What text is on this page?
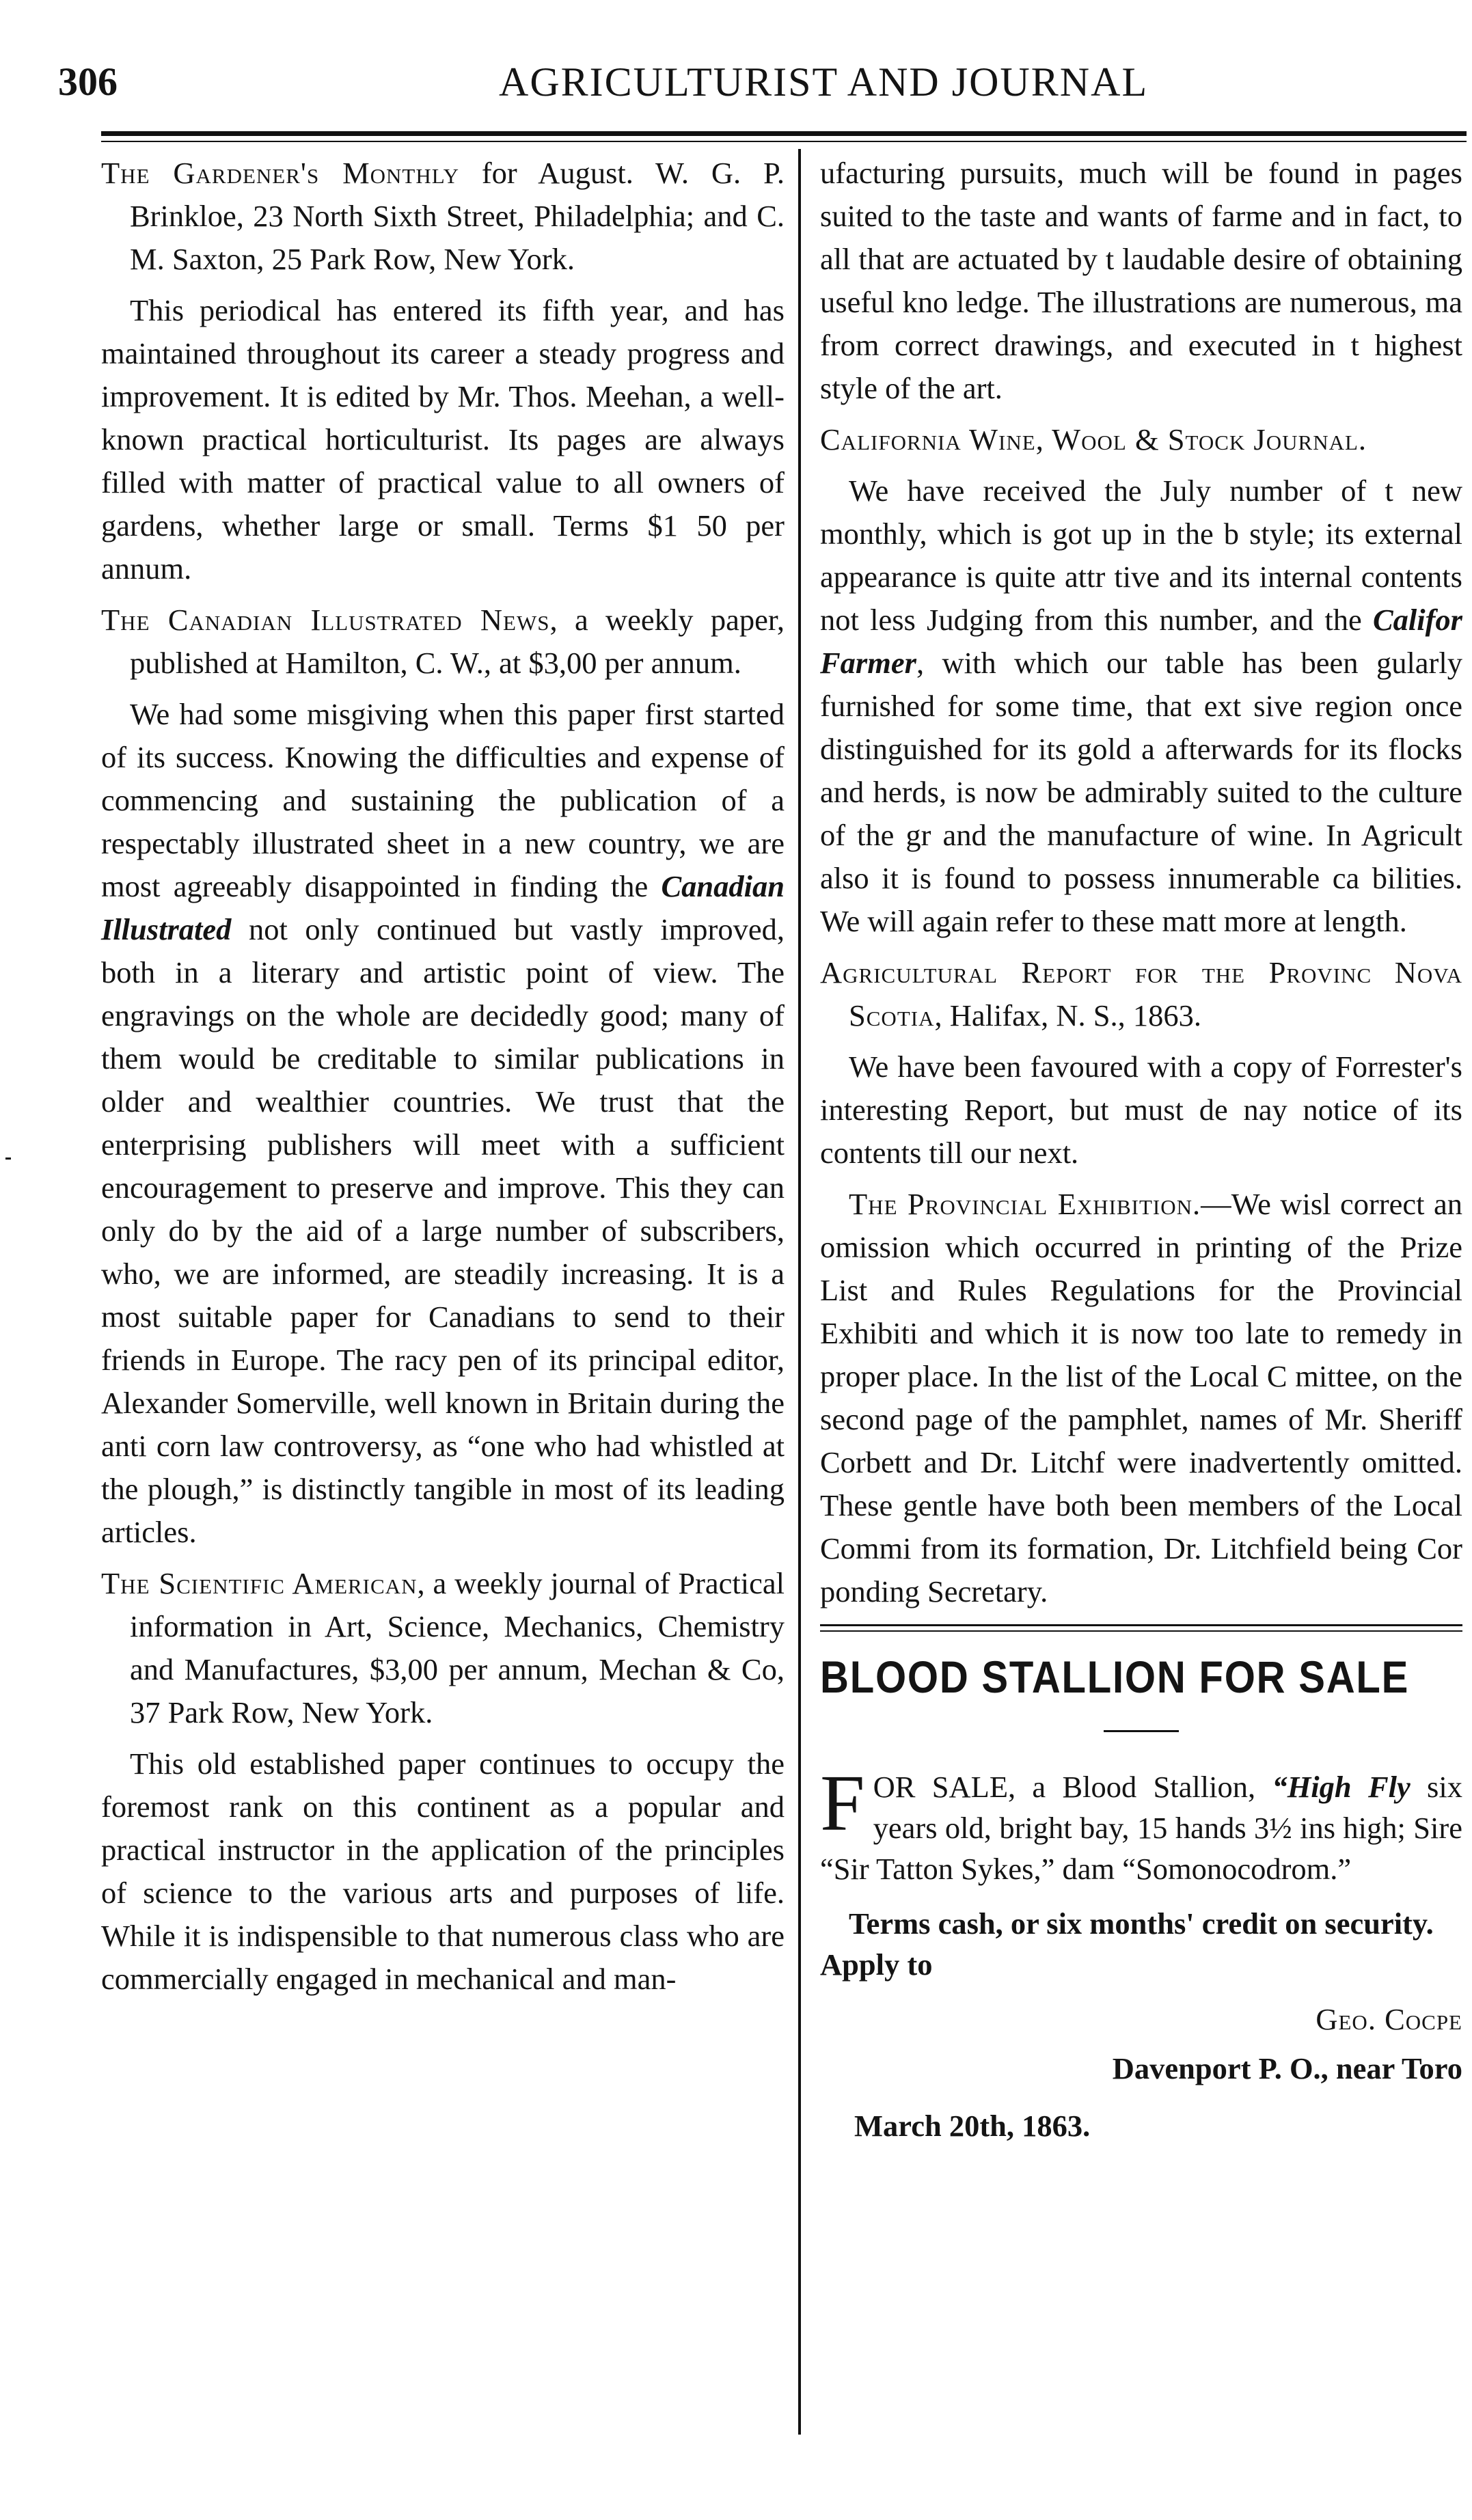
306	AGRICULTURIST AND JOURNAL

The Gardener's Monthly for August. W. G. P. Brinkloe, 23 North Sixth Street, Philadelphia; and C. M. Saxton, 25 Park Row, New York.

This periodical has entered its fifth year, and has maintained throughout its career a steady progress and improvement. It is edited by Mr. Thos. Meehan, a well-known practical horticulturist. Its pages are always filled with matter of practical value to all owners of gardens, whether large or small. Terms $1 50 per annum.

The Canadian Illustrated News, a weekly paper, published at Hamilton, C. W., at $3,00 per annum.

We had some misgiving when this paper first started of its success. Knowing the difficulties and expense of commencing and sustaining the publication of a respectably illustrated sheet in a new country, we are most agreeably disappointed in finding the Canadian Illustrated not only continued but vastly improved, both in a literary and artistic point of view. The engravings on the whole are decidedly good; many of them would be creditable to similar publications in older and wealthier countries. We trust that the enterprising publishers will meet with a sufficient encouragement to preserve and improve. This they can only do by the aid of a large number of subscribers, who, we are informed, are steadily increasing. It is a most suitable paper for Canadians to send to their friends in Europe. The racy pen of its principal editor, Alexander Somerville, well known in Britain during the anti corn law controversy, as “one who had whistled at the plough,” is distinctly tangible in most of its leading articles.

The Scientific American, a weekly journal of Practical information in Art, Science, Mechanics, Chemistry and Manufactures, $3,00 per annum, Mechan & Co, 37 Park Row, New York.

This old established paper continues to occupy the foremost rank on this continent as a popular and practical instructor in the application of the principles of science to the various arts and purposes of life. While it is indispensible to that numerous class who are commercially engaged in mechanical and man-

ufacturing pursuits, much will be found in pages suited to the taste and wants of farme and in fact, to all that are actuated by t laudable desire of obtaining useful kno ledge. The illustrations are numerous, ma from correct drawings, and executed in t highest style of the art.

California Wine, Wool & Stock Journal.

We have received the July number of t new monthly, which is got up in the b style; its external appearance is quite attr tive and its internal contents not less Judging from this number, and the Califor Farmer, with which our table has been gularly furnished for some time, that ext sive region once distinguished for its gold a afterwards for its flocks and herds, is now be admirably suited to the culture of the gr and the manufacture of wine. In Agricult also it is found to possess innumerable ca bilities. We will again refer to these matt more at length.

Agricultural Report for the Provinc Nova Scotia, Halifax, N. S., 1863.

We have been favoured with a copy of Forrester's interesting Report, but must de nay notice of its contents till our next.

The Provincial Exhibition.—We wisl correct an omission which occurred in printing of the Prize List and Rules Regulations for the Provincial Exhibiti and which it is now too late to remedy in proper place. In the list of the Local C mittee, on the second page of the pamphlet, names of Mr. Sheriff Corbett and Dr. Litchf were inadvertently omitted. These gentle have both been members of the Local Commi from its formation, Dr. Litchfield being Cor ponding Secretary.

BLOOD STALLION FOR SALE

FOR SALE, a Blood Stallion, “High Fly six years old, bright bay, 15 hands 3½ ins high; Sire “Sir Tatton Sykes,” dam “Somonocodrom.”

Terms cash, or six months' credit on security. Apply to

Geo. Cocpe

Davenport P. O., near Toro

March 20th, 1863.
